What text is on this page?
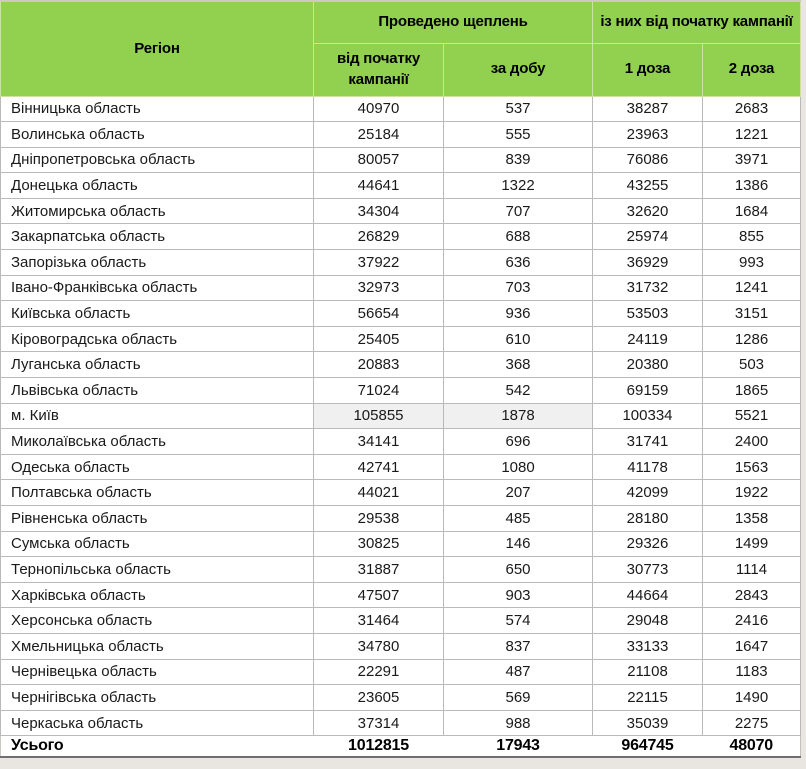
Регіон	Проведено щеплень		із них від початку кампанії	
	від початку кампанії	за добу	1 доза	2 доза
Вінницька область	40970	537	38287	2683
Волинська область	25184	555	23963	1221
Дніпропетровська область	80057	839	76086	3971
Донецька область	44641	1322	43255	1386
Житомирська область	34304	707	32620	1684
Закарпатська область	26829	688	25974	855
Запорізька область	37922	636	36929	993
Івано-Франківська область	32973	703	31732	1241
Київська область	56654	936	53503	3151
Кіровоградська область	25405	610	24119	1286
Луганська область	20883	368	20380	503
Львівська область	71024	542	69159	1865
м. Київ	105855	1878	100334	5521
Миколаївська область	34141	696	31741	2400
Одеська область	42741	1080	41178	1563
Полтавська область	44021	207	42099	1922
Рівненська область	29538	485	28180	1358
Сумська область	30825	146	29326	1499
Тернопільська область	31887	650	30773	1114
Харківська область	47507	903	44664	2843
Херсонська область	31464	574	29048	2416
Хмельницька область	34780	837	33133	1647
Чернівецька область	22291	487	21108	1183
Чернігівська область	23605	569	22115	1490
Черкаська область	37314	988	35039	2275
Усього	1012815	17943	964745	48070
